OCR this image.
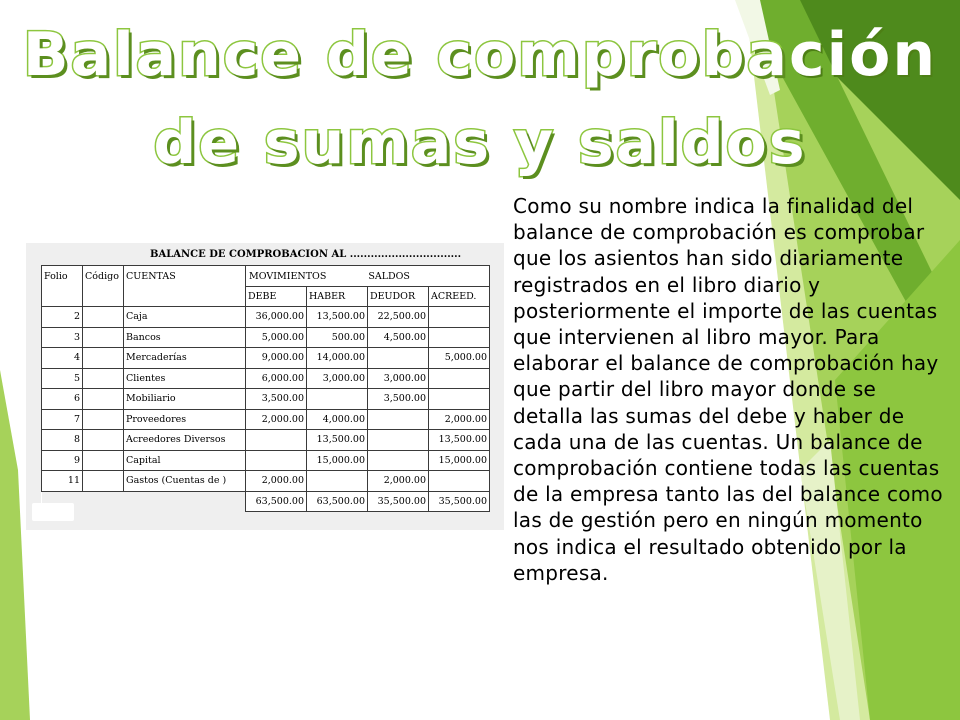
Balance de comprobación
de sumas y saldos
BALANCE DE COMPROBACION AL ................................
Folio	Código	CUENTAS	MOVIMIENTOS SALDOS			
			DEBE	HABER	DEUDOR	ACREED.
2		Caja	36,000.00	13,500.00	22,500.00	
3		Bancos	5,000.00	500.00	4,500.00	
4		Mercaderías	9,000.00	14,000.00		5,000.00
5		Clientes	6,000.00	3,000.00	3,000.00	
6		Mobiliario	3,500.00		3,500.00	
7		Proveedores	2,000.00	4,000.00		2,000.00
8		Acreedores Diversos		13,500.00		13,500.00
9		Capital		15,000.00		15,000.00
11		Gastos (Cuentas de )	2,000.00		2,000.00	
			63,500.00	63,500.00	35,500.00	35,500.00
Como su nombre indica la finalidad del
balance de comprobación es comprobar
que los asientos han sido diariamente
registrados en el libro diario y
posteriormente el importe de las cuentas
que intervienen al libro mayor. Para
elaborar el balance de comprobación hay
que partir del libro mayor donde se
detalla las sumas del debe y haber de
cada una de las cuentas. Un balance de
comprobación contiene todas las cuentas
de la empresa tanto las del balance como
las de gestión pero en ningún momento
nos indica el resultado obtenido por la
empresa.
